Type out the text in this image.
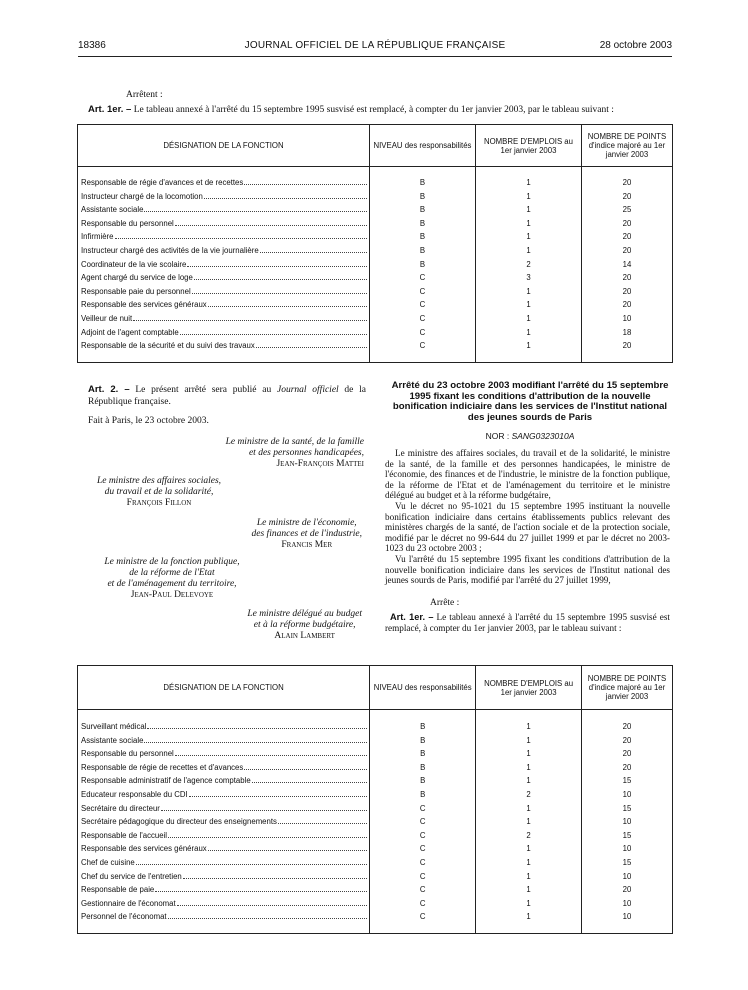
18386	JOURNAL OFFICIEL DE LA RÉPUBLIQUE FRANÇAISE	28 octobre 2003
Arrêtent :
Art. 1er. – Le tableau annexé à l'arrêté du 15 septembre 1995 susvisé est remplacé, à compter du 1er janvier 2003, par le tableau suivant :
DÉSIGNATION DE LA FONCTION	NIVEAU des responsabilités	NOMBRE D'EMPLOIS au 1er janvier 2003	NOMBRE DE POINTS d'indice majoré au 1er janvier 2003

Responsable de régie d'avances et de recettes	B	1	20

Instructeur chargé de la locomotion	B	1	20

Assistante sociale	B	1	25

Responsable du personnel	B	1	20

Infirmière	B	1	20

Instructeur chargé des activités de la vie journalière	B	1	20

Coordinateur de la vie scolaire	B	2	14

Agent chargé du service de loge	C	3	20

Responsable paie du personnel	C	1	20

Responsable des services généraux	C	1	20

Veilleur de nuit	C	1	10

Adjoint de l'agent comptable	C	1	18

Responsable de la sécurité et du suivi des travaux	C	1	20

Art. 2. – Le présent arrêté sera publié au Journal officiel de la République française.
Fait à Paris, le 23 octobre 2003.
Le ministre de la santé, de la famille
et des personnes handicapées,
Jean-François Mattei
Le ministre des affaires sociales,
du travail et de la solidarité,
François Fillon
Le ministre de l'économie,
des finances et de l'industrie,
Francis Mer
Le ministre de la fonction publique,
de la réforme de l'Etat
et de l'aménagement du territoire,
Jean-Paul Delevoye
Le ministre délégué au budget
et à la réforme budgétaire,
Alain Lambert
Arrêté du 23 octobre 2003 modifiant l'arrêté du 15 septembre 1995 fixant les conditions d'attribution de la nouvelle bonification indiciaire dans les services de l'Institut national des jeunes sourds de Paris
NOR : SANG0323010A
Le ministre des affaires sociales, du travail et de la solidarité, le ministre de la santé, de la famille et des personnes handicapées, le ministre de l'économie, des finances et de l'industrie, le ministre de la fonction publique, de la réforme de l'Etat et de l'aménagement du territoire et le ministre délégué au budget et à la réforme budgétaire,
Vu le décret no 95-1021 du 15 septembre 1995 instituant la nouvelle bonification indiciaire dans certains établissements publics relevant des ministères chargés de la santé, de l'action sociale et de la protection sociale, modifié par le décret no 99-644 du 27 juillet 1999 et par le décret no 2003-1023 du 23 octobre 2003 ;
Vu l'arrêté du 15 septembre 1995 fixant les conditions d'attribution de la nouvelle bonification indiciaire dans les services de l'Institut national des jeunes sourds de Paris, modifié par l'arrêté du 27 juillet 1999,
Arrête :
Art. 1er. – Le tableau annexé à l'arrêté du 15 septembre 1995 susvisé est remplacé, à compter du 1er janvier 2003, par le tableau suivant :
DÉSIGNATION DE LA FONCTION	NIVEAU des responsabilités	NOMBRE D'EMPLOIS au 1er janvier 2003	NOMBRE DE POINTS d'indice majoré au 1er janvier 2003

Surveillant médical	B	1	20

Assistante sociale	B	1	20

Responsable du personnel	B	1	20

Responsable de régie de recettes et d'avances	B	1	20

Responsable administratif de l'agence comptable	B	1	15

Educateur responsable du CDI	B	2	10

Secrétaire du directeur	C	1	15

Secrétaire pédagogique du directeur des enseignements	C	1	10

Responsable de l'accueil	C	2	15

Responsable des services généraux	C	1	10

Chef de cuisine	C	1	15

Chef du service de l'entretien	C	1	10

Responsable de paie	C	1	20

Gestionnaire de l'économat	C	1	10

Personnel de l'économat	C	1	10
